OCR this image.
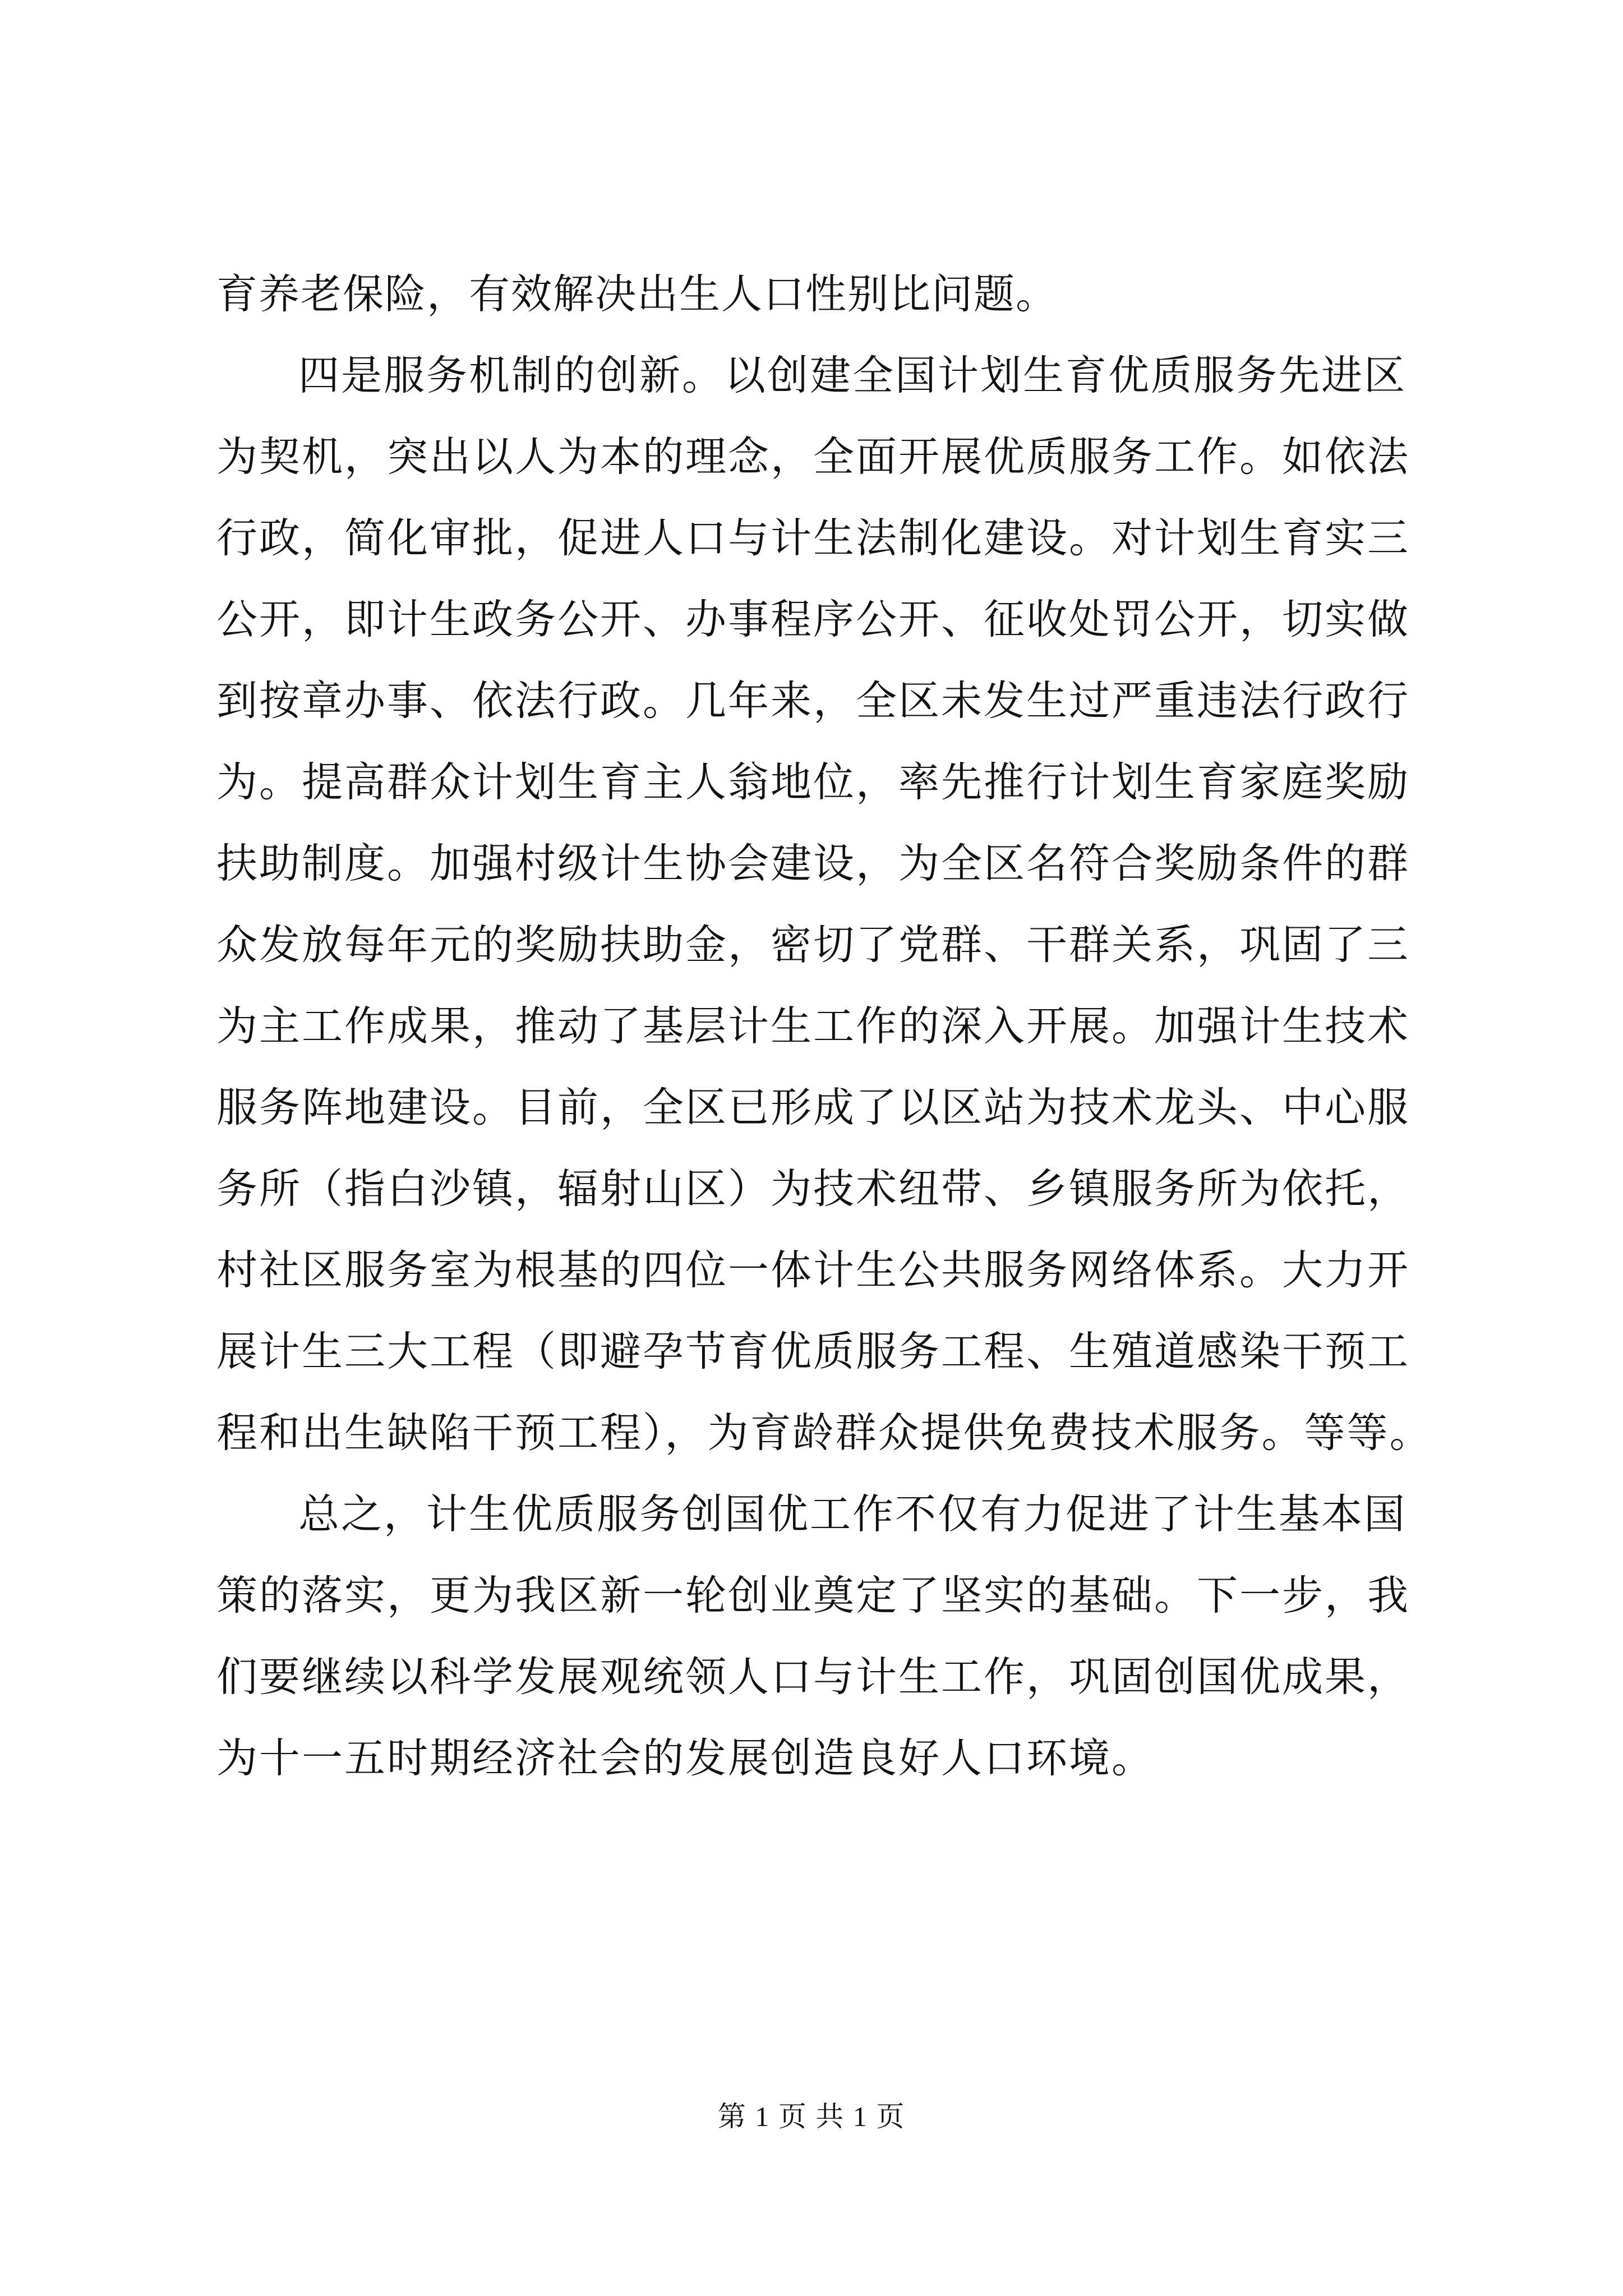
育养老保险，有效解决出生人口性别比问题。
四是服务机制的创新。以创建全国计划生育优质服务先进区
为契机，突出以人为本的理念，全面开展优质服务工作。如依法
行政，简化审批，促进人口与计生法制化建设。对计划生育实三
公开，即计生政务公开、办事程序公开、征收处罚公开，切实做
到按章办事、依法行政。几年来，全区未发生过严重违法行政行
为。提高群众计划生育主人翁地位，率先推行计划生育家庭奖励
扶助制度。加强村级计生协会建设，为全区名符合奖励条件的群
众发放每年元的奖励扶助金，密切了党群、干群关系，巩固了三
为主工作成果，推动了基层计生工作的深入开展。加强计生技术
服务阵地建设。目前，全区已形成了以区站为技术龙头、中心服
务所（指白沙镇，辐射山区）为技术纽带、乡镇服务所为依托，
村社区服务室为根基的四位一体计生公共服务网络体系。大力开
展计生三大工程（即避孕节育优质服务工程、生殖道感染干预工
程和出生缺陷干预工程），为育龄群众提供免费技术服务。等等。
总之，计生优质服务创国优工作不仅有力促进了计生基本国
策的落实，更为我区新一轮创业奠定了坚实的基础。下一步，我
们要继续以科学发展观统领人口与计生工作，巩固创国优成果，
为十一五时期经济社会的发展创造良好人口环境。
第 1 页 共 1 页
